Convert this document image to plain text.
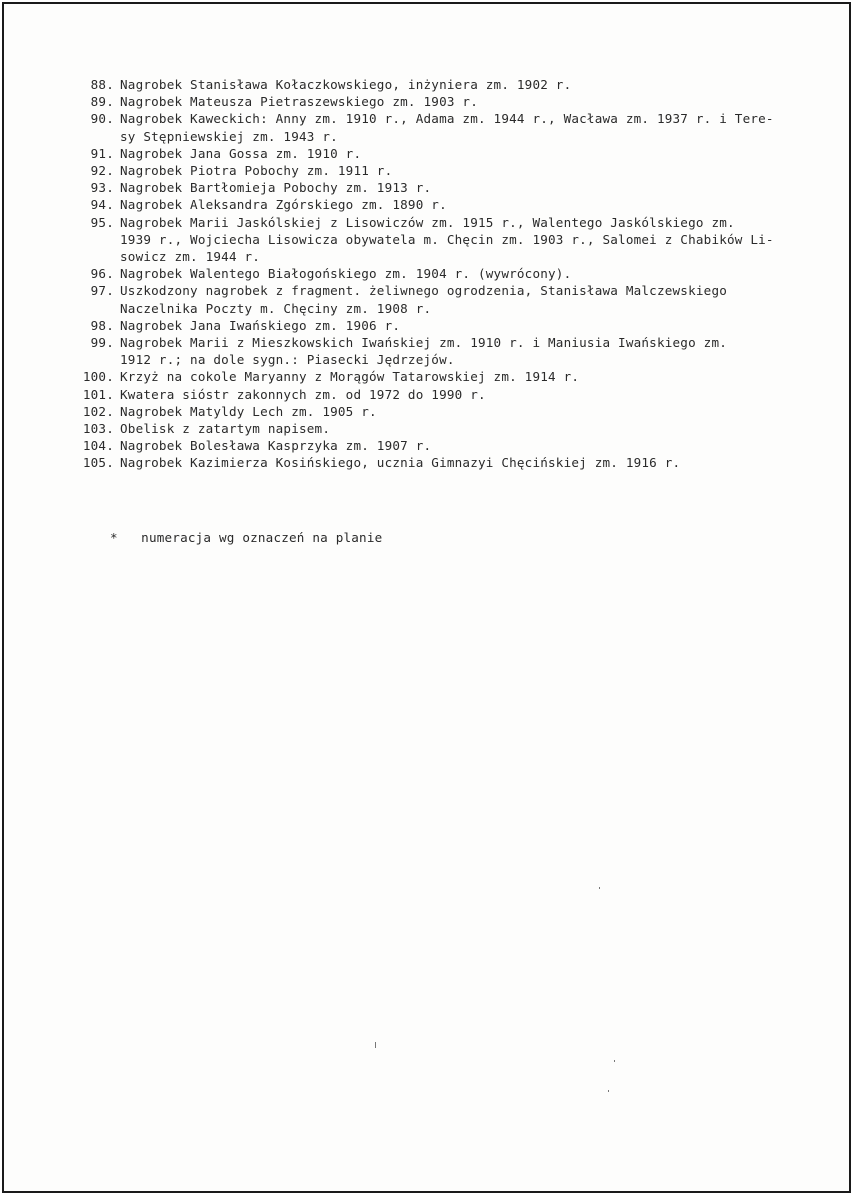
88. Nagrobek Stanisława Kołaczkowskiego, inżyniera zm. 1902 r.
89. Nagrobek Mateusza Pietraszewskiego zm. 1903 r.
90. Nagrobek Kaweckich: Anny zm. 1910 r., Adama zm. 1944 r., Wacława zm. 1937 r. i Tere-
sy Stępniewskiej zm. 1943 r.
91. Nagrobek Jana Gossa zm. 1910 r.
92. Nagrobek Piotra Pobochy zm. 1911 r.
93. Nagrobek Bartłomieja Pobochy zm. 1913 r.
94. Nagrobek Aleksandra Zgórskiego zm. 1890 r.
95. Nagrobek Marii Jaskólskiej z Lisowiczów zm. 1915 r., Walentego Jaskólskiego zm.
1939 r., Wojciecha Lisowicza obywatela m. Chęcin zm. 1903 r., Salomei z Chabików Li-
sowicz zm. 1944 r.
96. Nagrobek Walentego Białogońskiego zm. 1904 r. (wywrócony).
97. Uszkodzony nagrobek z fragment. żeliwnego ogrodzenia, Stanisława Malczewskiego
Naczelnika Poczty m. Chęciny zm. 1908 r.
98. Nagrobek Jana Iwańskiego zm. 1906 r.
99. Nagrobek Marii z Mieszkowskich Iwańskiej zm. 1910 r. i Maniusia Iwańskiego zm.
1912 r.; na dole sygn.: Piasecki Jędrzejów.
100. Krzyż na cokole Maryanny z Morągów Tatarowskiej zm. 1914 r.
101. Kwatera sióstr zakonnych zm. od 1972 do 1990 r.
102. Nagrobek Matyldy Lech zm. 1905 r.
103. Obelisk z zatartym napisem.
104. Nagrobek Bolesława Kasprzyka zm. 1907 r.
105. Nagrobek Kazimierza Kosińskiego, ucznia Gimnazyi Chęcińskiej zm. 1916 r.
* numeracja wg oznaczeń na planie
